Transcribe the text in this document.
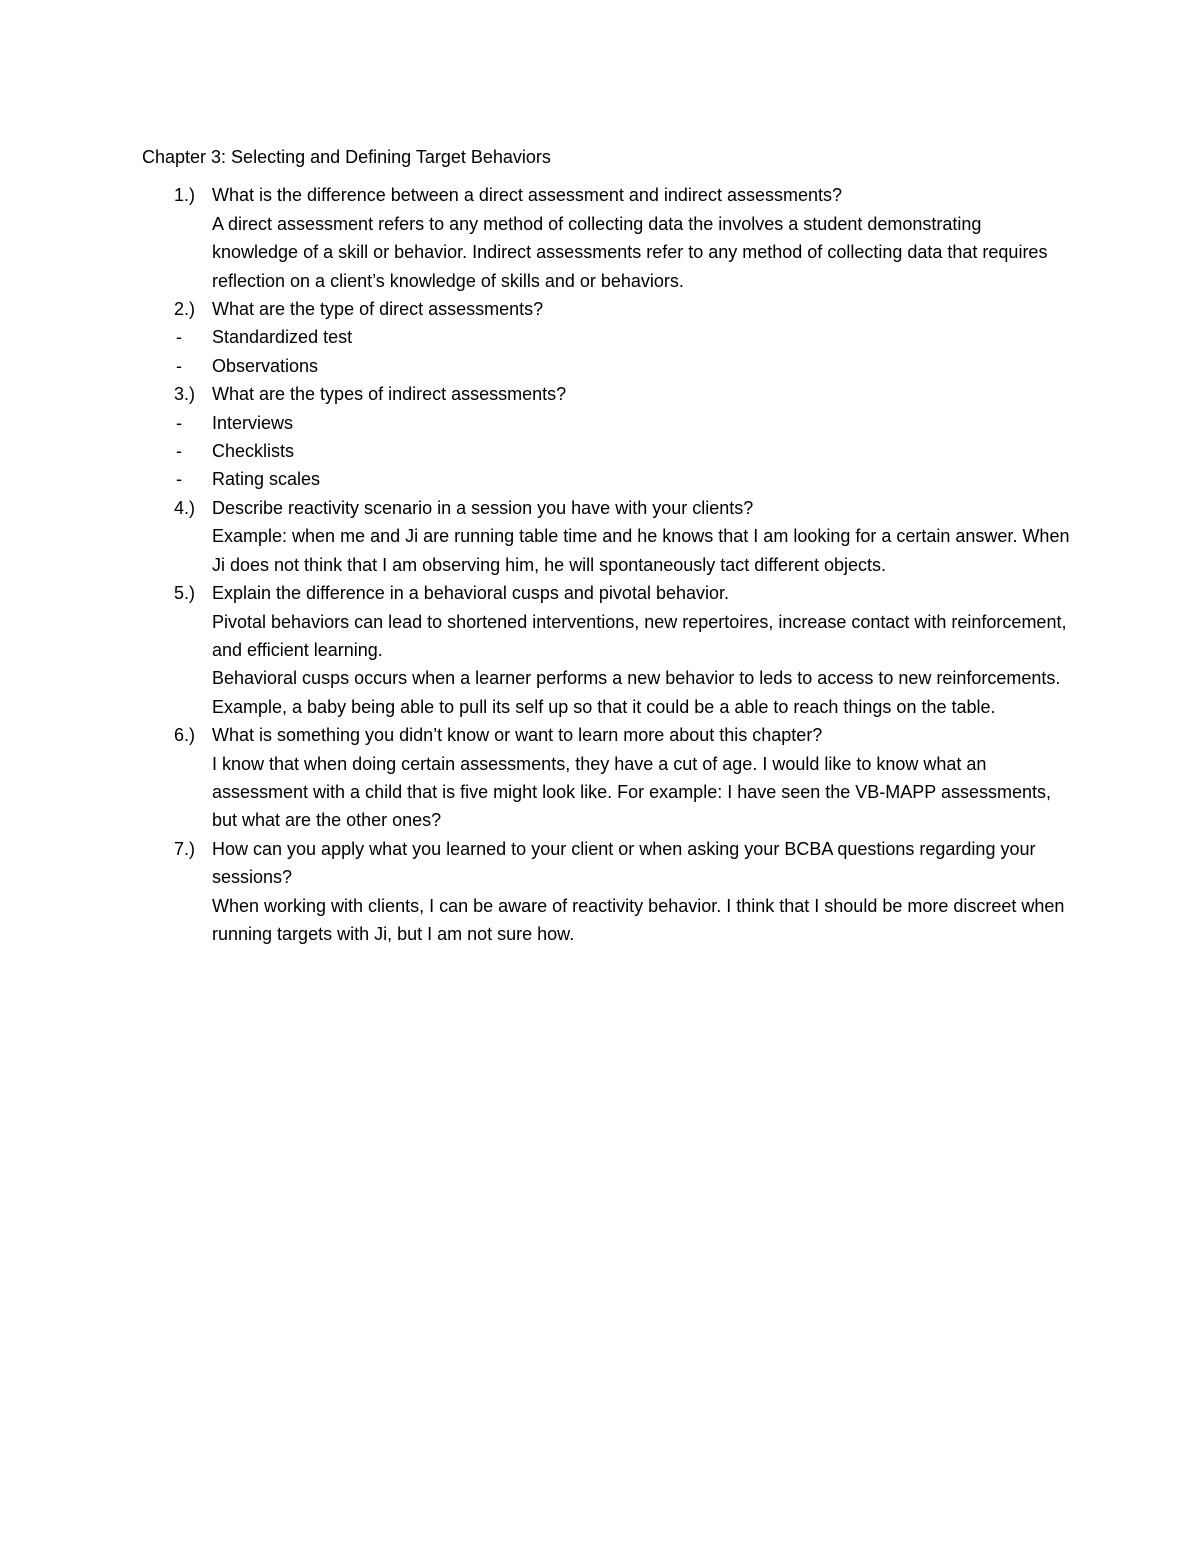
Chapter 3: Selecting and Defining Target Behaviors

1.) What is the difference between a direct assessment and indirect assessments?
A direct assessment refers to any method of collecting data the involves a student demonstrating knowledge of a skill or behavior. Indirect assessments refer to any method of collecting data that requires reflection on a client’s knowledge of skills and or behaviors.
2.) What are the type of direct assessments?
- Standardized test
- Observations
3.) What are the types of indirect assessments?
- Interviews
- Checklists
- Rating scales
4.) Describe reactivity scenario in a session you have with your clients?
Example: when me and Ji are running table time and he knows that I am looking for a certain answer. When Ji does not think that I am observing him, he will spontaneously tact different objects.
5.) Explain the difference in a behavioral cusps and pivotal behavior.
Pivotal behaviors can lead to shortened interventions, new repertoires, increase contact with reinforcement, and efficient learning.
Behavioral cusps occurs when a learner performs a new behavior to leds to access to new reinforcements. Example, a baby being able to pull its self up so that it could be a able to reach things on the table.
6.) What is something you didn’t know or want to learn more about this chapter?
I know that when doing certain assessments, they have a cut of age. I would like to know what an assessment with a child that is five might look like. For example: I have seen the VB-MAPP assessments, but what are the other ones?
7.) How can you apply what you learned to your client or when asking your BCBA questions regarding your sessions?
When working with clients, I can be aware of reactivity behavior. I think that I should be more discreet when running targets with Ji, but I am not sure how.
